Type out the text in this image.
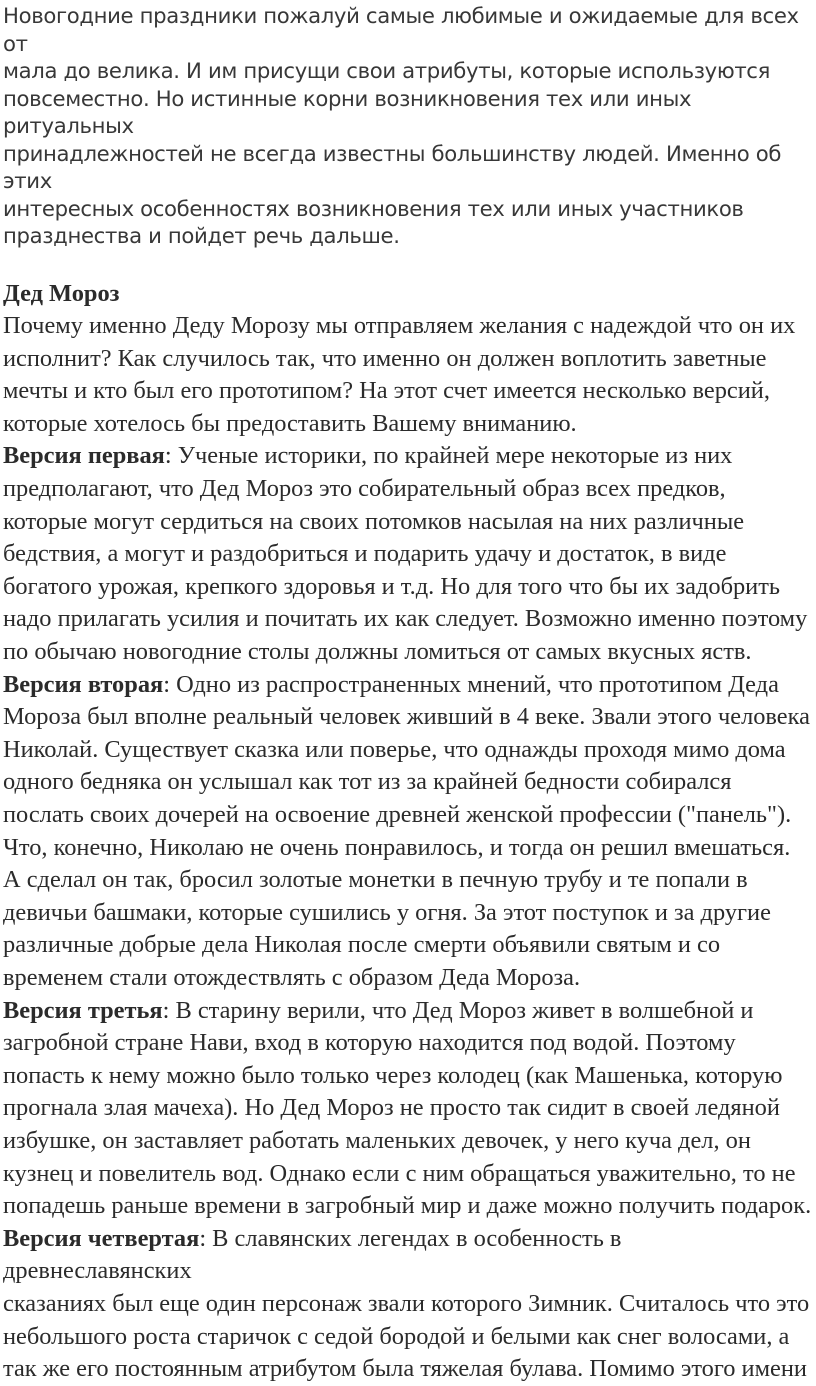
Новогодние праздники пожалуй самые любимые и ожидаемые для всех от
мала до велика. И им присущи свои атрибуты, которые используются
повсеместно. Но истинные корни возникновения тех или иных ритуальных
принадлежностей не всегда известны большинству людей. Именно об этих
интересных особенностях возникновения тех или иных участников
празднества и пойдет речь дальше.

Дед Мороз
Почему именно Деду Морозу мы отправляем желания с надеждой что он их
исполнит? Как случилось так, что именно он должен воплотить заветные
мечты и кто был его прототипом? На этот счет имеется несколько версий,
которые хотелось бы предоставить Вашему вниманию.
Версия первая: Ученые историки, по крайней мере некоторые из них
предполагают, что Дед Мороз это собирательный образ всех предков,
которые могут сердиться на своих потомков насылая на них различные
бедствия, а могут и раздобриться и подарить удачу и достаток, в виде
богатого урожая, крепкого здоровья и т.д. Но для того что бы их задобрить
надо прилагать усилия и почитать их как следует. Возможно именно поэтому
по обычаю новогодние столы должны ломиться от самых вкусных яств.
Версия вторая: Одно из распространенных мнений, что прототипом Деда
Мороза был вполне реальный человек живший в 4 веке. Звали этого человека
Николай. Существует сказка или поверье, что однажды проходя мимо дома
одного бедняка он услышал как тот из за крайней бедности собирался
послать своих дочерей на освоение древней женской профессии ("панель").
Что, конечно, Николаю не очень понравилось, и тогда он решил вмешаться.
А сделал он так, бросил золотые монетки в печную трубу и те попали в
девичьи башмаки, которые сушились у огня. За этот поступок и за другие
различные добрые дела Николая после смерти объявили святым и со
временем стали отождествлять с образом Деда Мороза.
Версия третья: В старину верили, что Дед Мороз живет в волшебной и
загробной стране Нави, вход в которую находится под водой. Поэтому
попасть к нему можно было только через колодец (как Машенька, которую
прогнала злая мачеха). Но Дед Мороз не просто так сидит в своей ледяной
избушке, он заставляет работать маленьких девочек, у него куча дел, он
кузнец и повелитель вод. Однако если с ним обращаться уважительно, то не
попадешь раньше времени в загробный мир и даже можно получить подарок.
Версия четвертая: В славянских легендах в особенность в древнеславянских
сказаниях был еще один персонаж звали которого Зимник. Считалось что это
небольшого роста старичок с седой бородой и белыми как снег волосами, а
так же его постоянным атрибутом была тяжелая булава. Помимо этого имени
